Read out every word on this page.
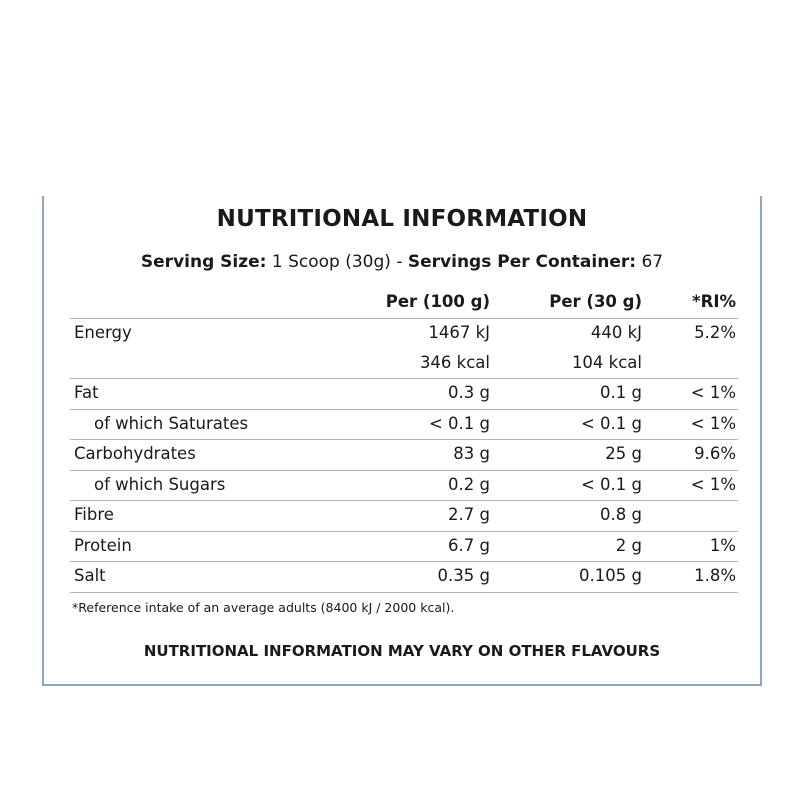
NUTRITIONAL INFORMATION
Serving Size: 1 Scoop (30g) - Servings Per Container: 67
Per (100 g)	Per (30 g)	*RI%
Energy	1467 kJ	440 kJ	5.2%
346 kcal	104 kcal
Fat	0.3 g	0.1 g	< 1%
of which Saturates	< 0.1 g	< 0.1 g	< 1%
Carbohydrates	83 g	25 g	9.6%
of which Sugars	0.2 g	< 0.1 g	< 1%
Fibre	2.7 g	0.8 g
Protein	6.7 g	2 g	1%
Salt	0.35 g	0.105 g	1.8%
*Reference intake of an average adults (8400 kJ / 2000 kcal).
NUTRITIONAL INFORMATION MAY VARY ON OTHER FLAVOURS
